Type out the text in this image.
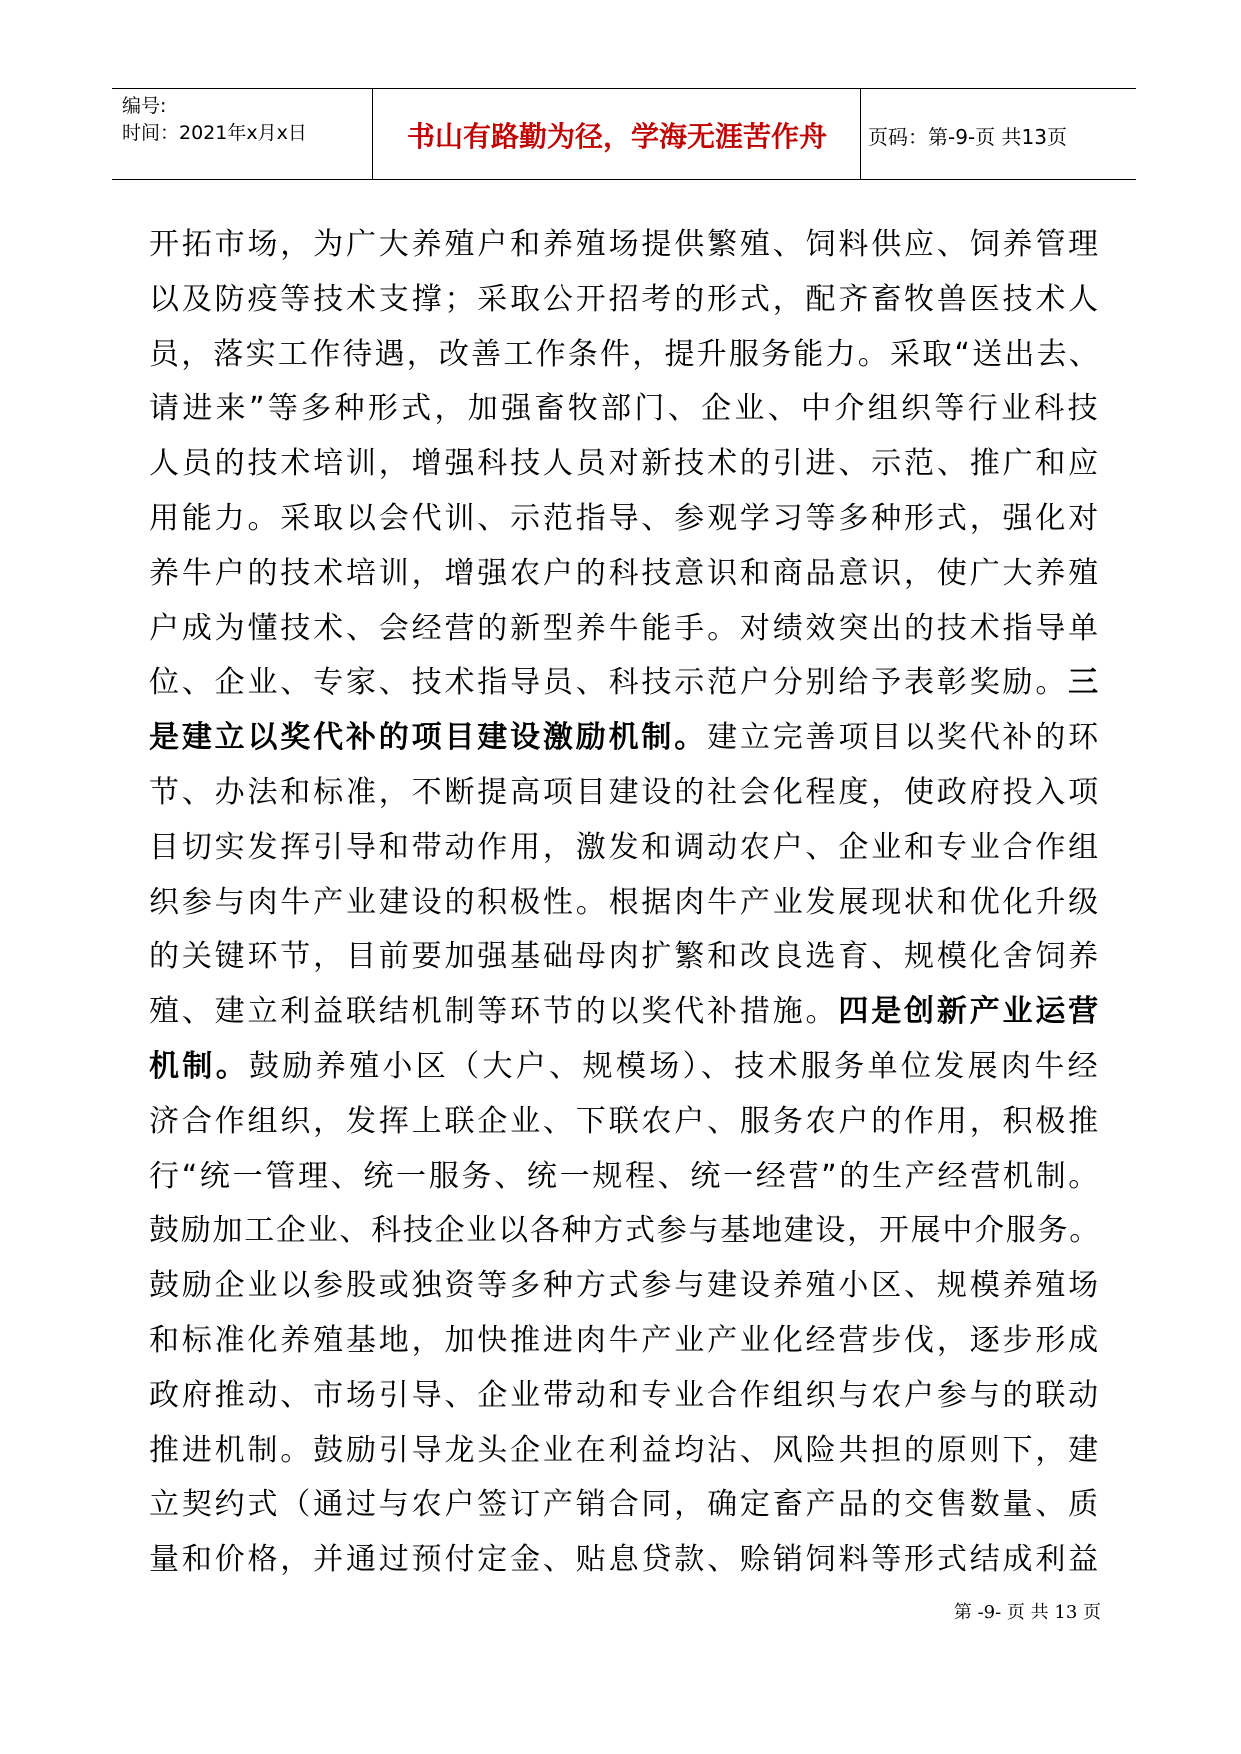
编号:
时间：2021年x月x日	书山有路勤为径，学海无涯苦作舟	页码：第-9-页 共13页
开拓市场，为广大养殖户和养殖场提供繁殖、饲料供应、饲养管理
以及防疫等技术支撑；采取公开招考的形式，配齐畜牧兽医技术人
员，落实工作待遇，改善工作条件，提升服务能力。采取“送出去、
请进来”等多种形式，加强畜牧部门、企业、中介组织等行业科技
人员的技术培训，增强科技人员对新技术的引进、示范、推广和应
用能力。采取以会代训、示范指导、参观学习等多种形式，强化对
养牛户的技术培训，增强农户的科技意识和商品意识，使广大养殖
户成为懂技术、会经营的新型养牛能手。对绩效突出的技术指导单
位、企业、专家、技术指导员、科技示范户分别给予表彰奖励。三
是建立以奖代补的项目建设激励机制。建立完善项目以奖代补的环
节、办法和标准，不断提高项目建设的社会化程度，使政府投入项
目切实发挥引导和带动作用，激发和调动农户、企业和专业合作组
织参与肉牛产业建设的积极性。根据肉牛产业发展现状和优化升级
的关键环节，目前要加强基础母肉扩繁和改良选育、规模化舍饲养
殖、建立利益联结机制等环节的以奖代补措施。四是创新产业运营
机制。鼓励养殖小区（大户、规模场）、技术服务单位发展肉牛经
济合作组织，发挥上联企业、下联农户、服务农户的作用，积极推
行“统一管理、统一服务、统一规程、统一经营”的生产经营机制。
鼓励加工企业、科技企业以各种方式参与基地建设，开展中介服务。
鼓励企业以参股或独资等多种方式参与建设养殖小区、规模养殖场
和标准化养殖基地，加快推进肉牛产业产业化经营步伐，逐步形成
政府推动、市场引导、企业带动和专业合作组织与农户参与的联动
推进机制。鼓励引导龙头企业在利益均沾、风险共担的原则下，建
立契约式（通过与农户签订产销合同，确定畜产品的交售数量、质
量和价格，并通过预付定金、贴息贷款、赊销饲料等形式结成利益
第 -9- 页 共 13 页
